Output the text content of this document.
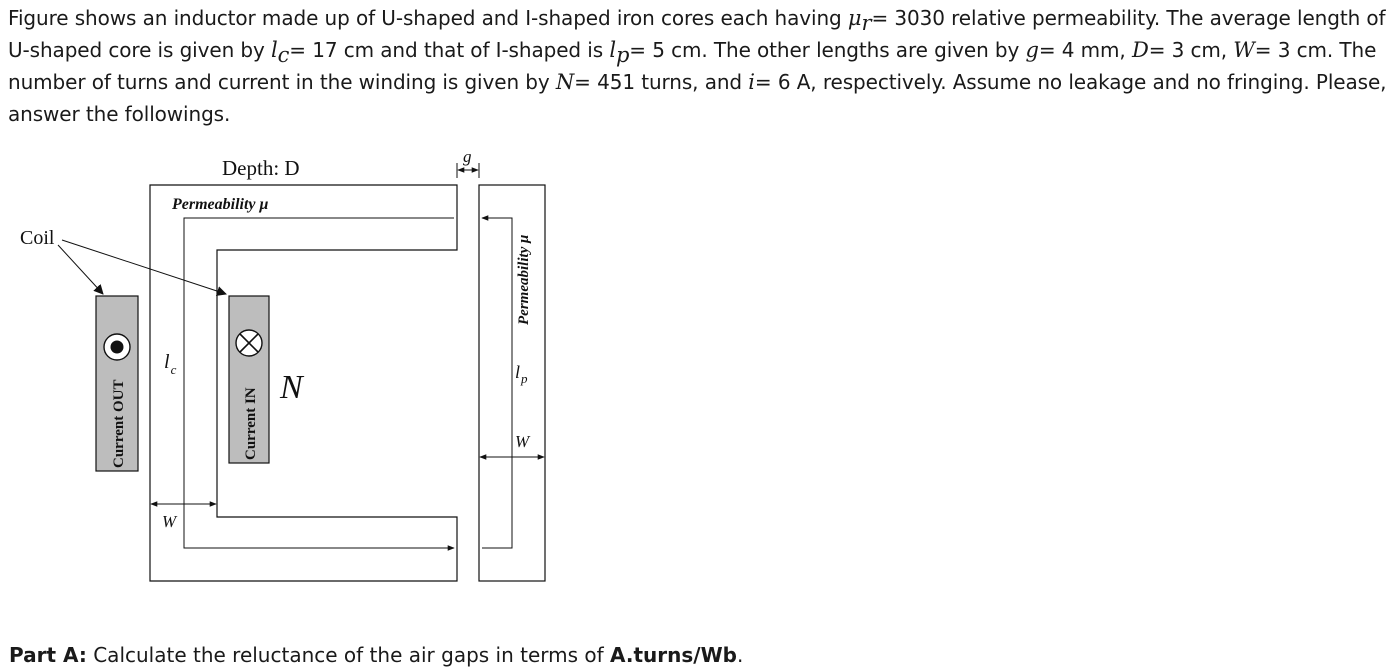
Figure shows an inductor made up of U-shaped and I-shaped iron cores each having $\mu_r= 3030$ relative permeability. The average length of U-shaped core is given by $l_c= 17$ cm and that of I-shaped is $l_p= 5$ cm. The other lengths are given by g= 4 mm, D= 3 cm, W= 3 cm. The number of turns and current in the winding is given by N= 451 turns, and i= 6 A, respectively. Assume no leakage and no fringing. Please, answer the followings.
Depth: D
Permeability μ
Permeability μ
Coil
g
$l_c$	$l_p$
W
W
N
Current OUT	Current IN
Part A: Calculate the reluctance of the air gaps in terms of A.turns/Wb.
